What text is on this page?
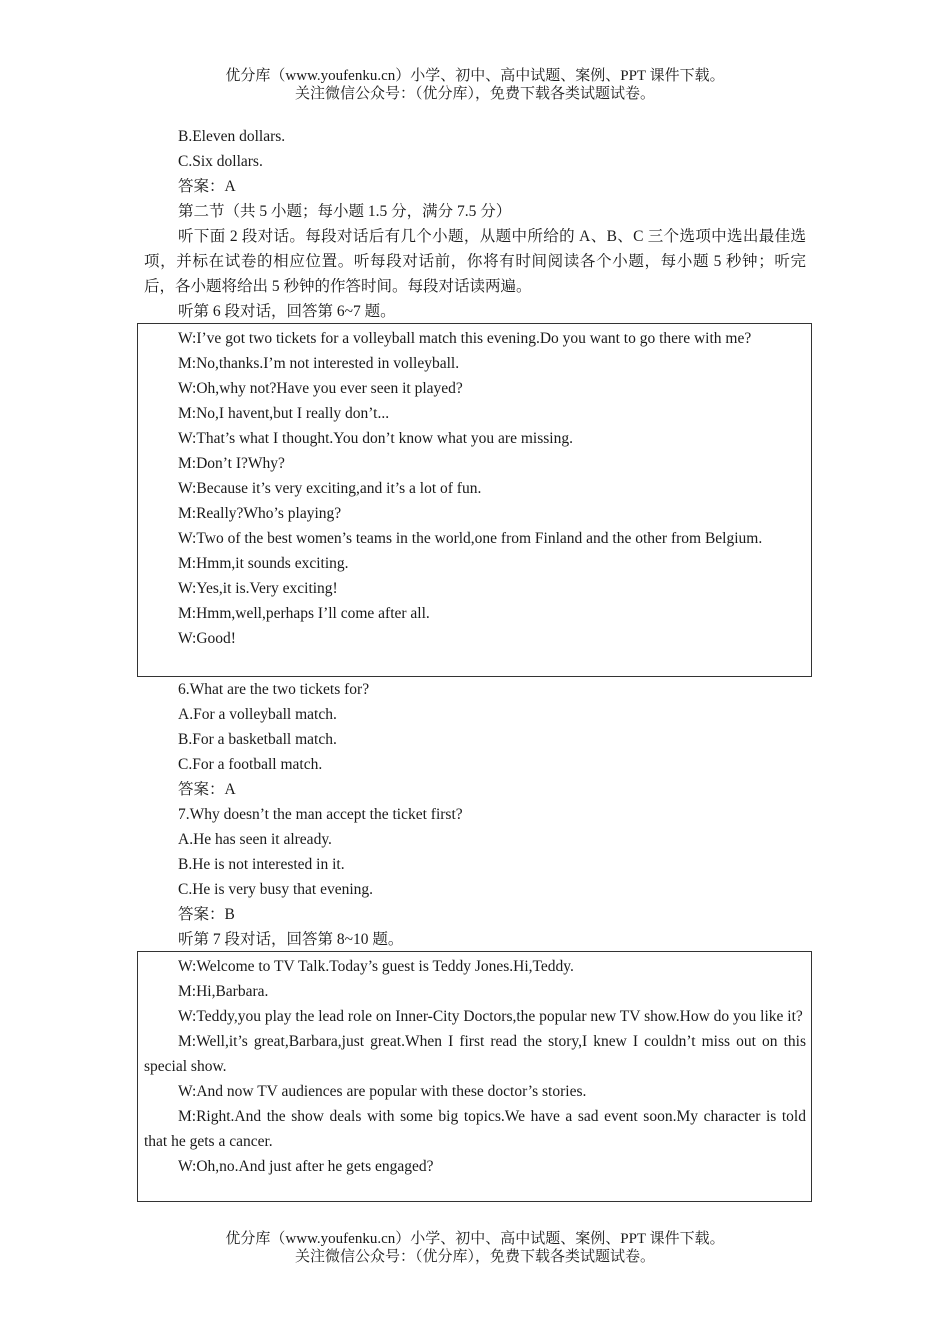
优分库（www.youfenku.cn）小学、初中、高中试题、案例、PPT 课件下载。
关注微信公众号：（优分库），免费下载各类试题试卷。
B.Eleven dollars.
C.Six dollars.
答案：A
第二节（共 5 小题；每小题 1.5 分，满分 7.5 分）
听下面 2 段对话。每段对话后有几个小题，从题中所给的 A、B、C 三个选项中选出最佳选项，并标在试卷的相应位置。听每段对话前，你将有时间阅读各个小题，每小题 5 秒钟；听完后，各小题将给出 5 秒钟的作答时间。每段对话读两遍。
听第 6 段对话，回答第 6~7 题。
W:I’ve got two tickets for a volleyball match this evening.Do you want to go there with me?
M:No,thanks.I’m not interested in volleyball.
W:Oh,why not?Have you ever seen it played?
M:No,I havent,but I really don’t...
W:That’s what I thought.You don’t know what you are missing.
M:Don’t I?Why?
W:Because it’s very exciting,and it’s a lot of fun.
M:Really?Who’s playing?
W:Two of the best women’s teams in the world,one from Finland and the other from Belgium.
M:Hmm,it sounds exciting.
W:Yes,it is.Very exciting!
M:Hmm,well,perhaps I’ll come after all.
W:Good!
6.What are the two tickets for?
A.For a volleyball match.
B.For a basketball match.
C.For a football match.
答案：A
7.Why doesn’t the man accept the ticket first?
A.He has seen it already.
B.He is not interested in it.
C.He is very busy that evening.
答案：B
听第 7 段对话，回答第 8~10 题。
W:Welcome to TV Talk.Today’s guest is Teddy Jones.Hi,Teddy.
M:Hi,Barbara.
W:Teddy,you play the lead role on Inner-City Doctors,the popular new TV show.How do you like it?
M:Well,it’s great,Barbara,just great.When I first read the story,I knew I couldn’t miss out on this special show.
W:And now TV audiences are popular with these doctor’s stories.
M:Right.And the show deals with some big topics.We have a sad event soon.My character is told that he gets a cancer.
W:Oh,no.And just after he gets engaged?
优分库（www.youfenku.cn）小学、初中、高中试题、案例、PPT 课件下载。
关注微信公众号：（优分库），免费下载各类试题试卷。
